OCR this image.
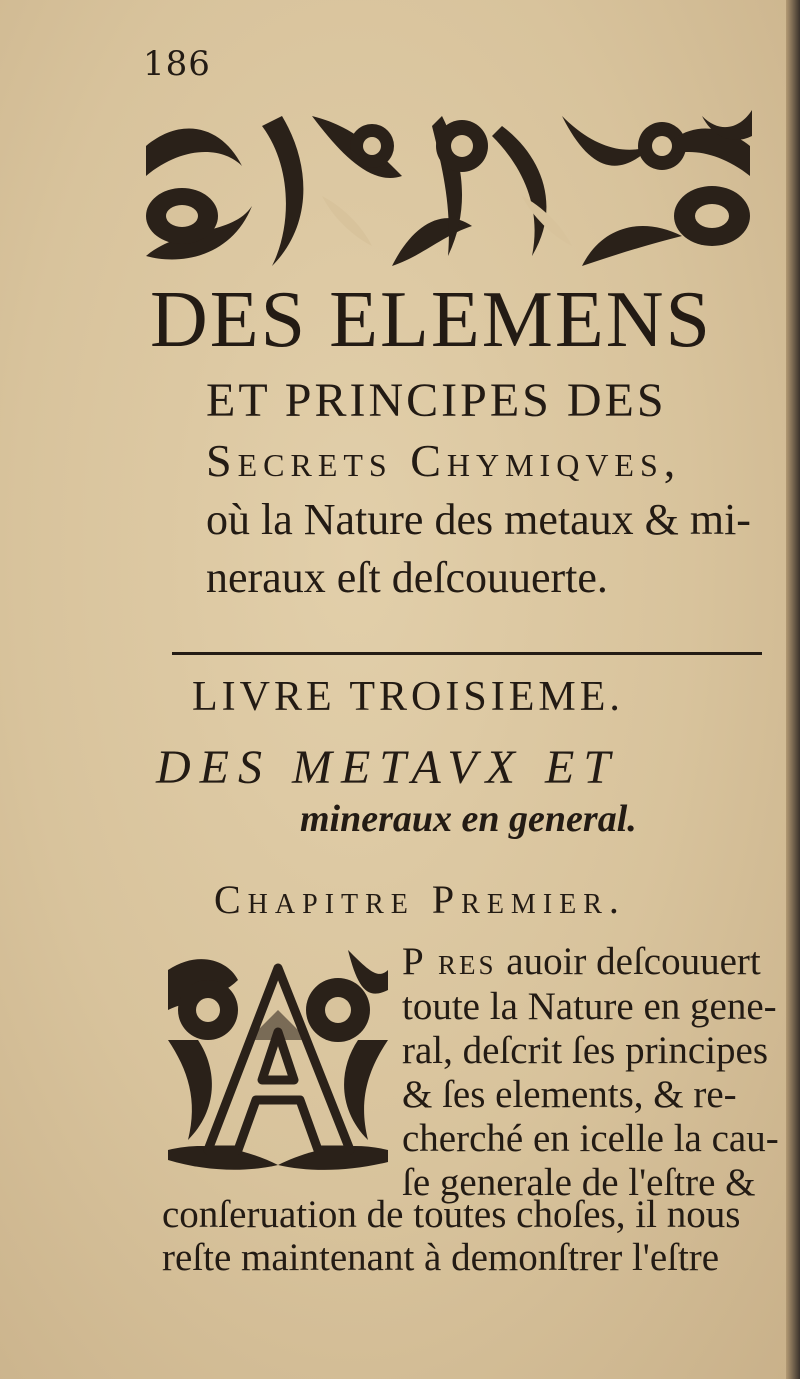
186
DES ELEMENS
ET PRINCIPES DES
Secrets Chymiqves,
où la Nature des metaux & mi-
neraux eſt deſcouuerte.
LIVRE TROISIEME.
DES METAVX ET
mineraux en general.
Chapitre Premier.
P res auoir deſcouuert
toute la Nature en gene-
ral, deſcrit ſes principes
& ſes elements, & re-
cherché en icelle la cau-
ſe generale de l'eſtre &
conſeruation de toutes choſes, il nous
reſte maintenant à demonſtrer l'eſtre
